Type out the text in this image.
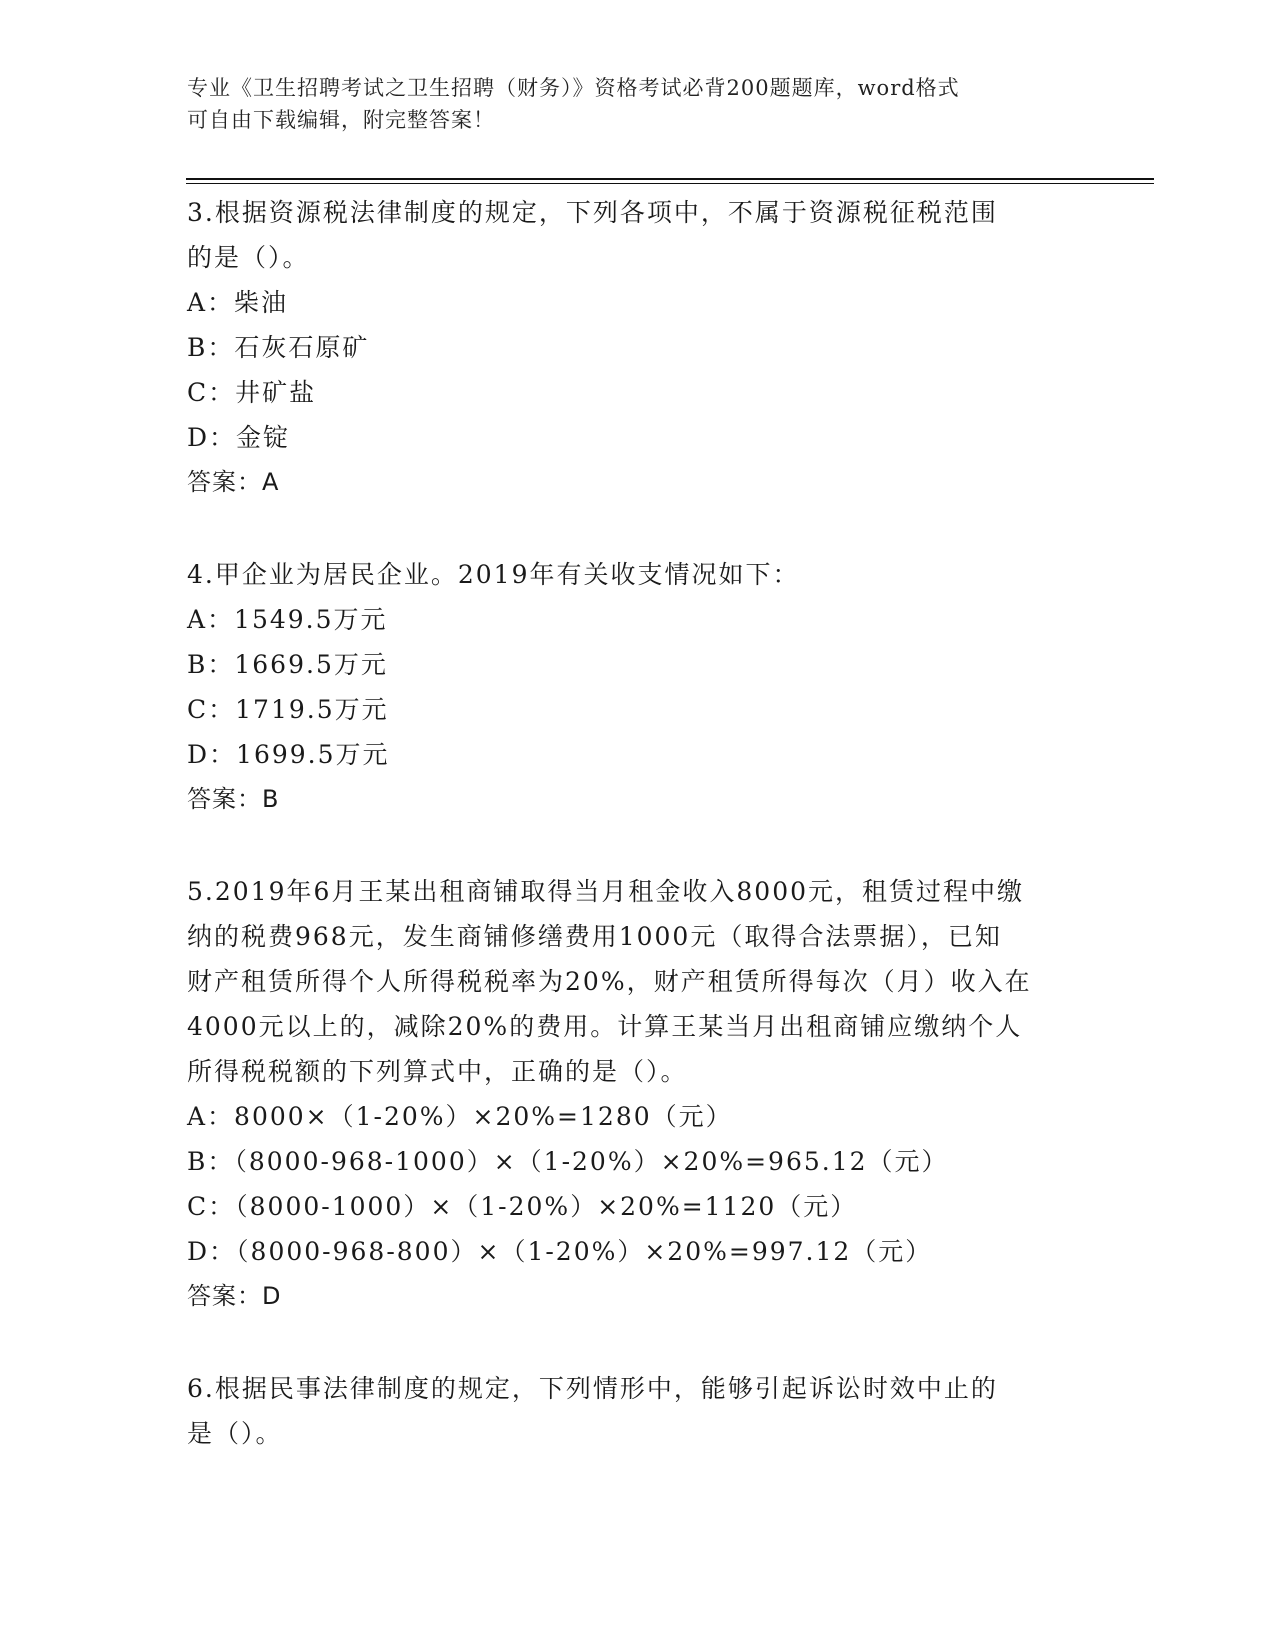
专业《卫生招聘考试之卫生招聘（财务）》资格考试必背200题题库，word格式
可自由下载编辑，附完整答案！
3.根据资源税法律制度的规定，下列各项中，不属于资源税征税范围
的是（）。
A：柴油
B：石灰石原矿
C：井矿盐
D：金锭
答案：A
4.甲企业为居民企业。2019年有关收支情况如下：
A：1549.5万元
B：1669.5万元
C：1719.5万元
D：1699.5万元
答案：B
5.2019年6月王某出租商铺取得当月租金收入8000元，租赁过程中缴
纳的税费968元，发生商铺修缮费用1000元（取得合法票据），已知
财产租赁所得个人所得税税率为20%，财产租赁所得每次（月）收入在
4000元以上的，减除20%的费用。计算王某当月出租商铺应缴纳个人
所得税税额的下列算式中，正确的是（）。
A：8000×（1-20%）×20%=1280（元）
B：（8000-968-1000）×（1-20%）×20%=965.12（元）
C：（8000-1000）×（1-20%）×20%=1120（元）
D：（8000-968-800）×（1-20%）×20%=997.12（元）
答案：D
6.根据民事法律制度的规定，下列情形中，能够引起诉讼时效中止的
是（）。
